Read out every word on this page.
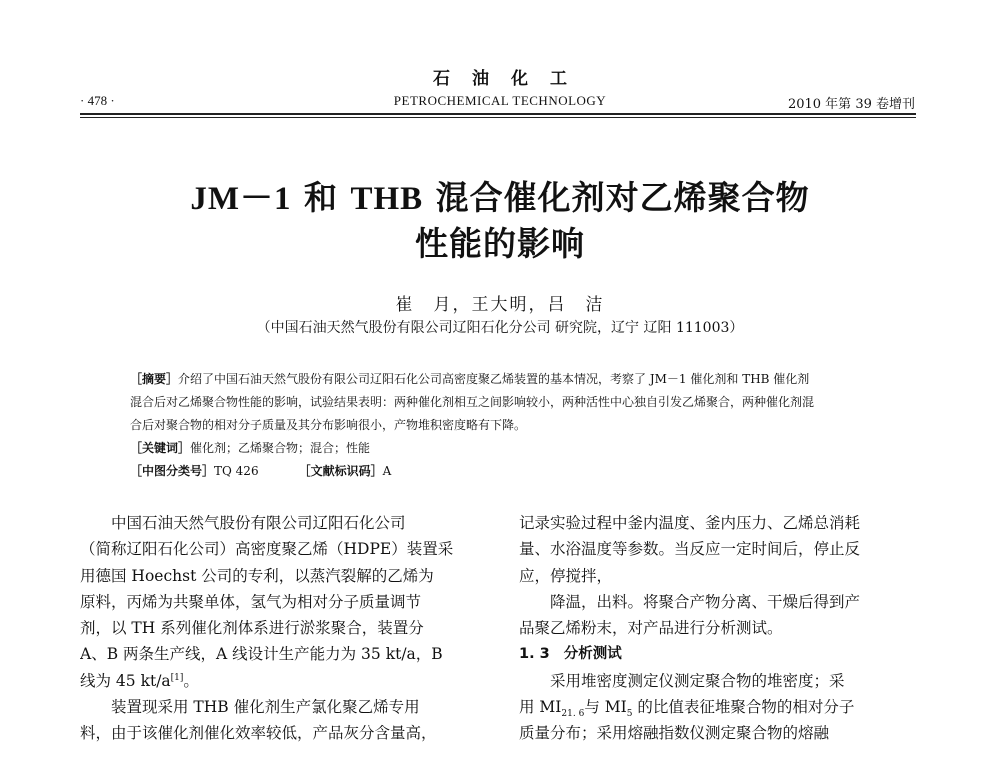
石油化工
· 478 ·	PETROCHEMICAL TECHNOLOGY	2010 年第 39 卷增刊
JM－1 和 THB 混合催化剂对乙烯聚合物
性能的影响
崔　月，王大明，吕　洁
（中国石油天然气股份有限公司辽阳石化分公司 研究院，辽宁 辽阳 111003）
［摘要］介绍了中国石油天然气股份有限公司辽阳石化公司高密度聚乙烯装置的基本情况，考察了 JM－1 催化剂和 THB 催化剂
混合后对乙烯聚合物性能的影响，试验结果表明：两种催化剂相互之间影响较小，两种活性中心独自引发乙烯聚合，两种催化剂混
合后对聚合物的相对分子质量及其分布影响很小，产物堆积密度略有下降。
［关键词］催化剂；乙烯聚合物；混合；性能
［中图分类号］TQ 426	［文献标识码］A
中国石油天然气股份有限公司辽阳石化公司
（简称辽阳石化公司）高密度聚乙烯（HDPE）装置采
用德国 Hoechst 公司的专利，以蒸汽裂解的乙烯为
原料，丙烯为共聚单体，氢气为相对分子质量调节
剂，以 TH 系列催化剂体系进行淤浆聚合，装置分
A、B 两条生产线，A 线设计生产能力为 35 kt/a，B
线为 45 kt/a[1]。
装置现采用 THB 催化剂生产氯化聚乙烯专用
料，由于该催化剂催化效率较低，产品灰分含量高，
记录实验过程中釜内温度、釜内压力、乙烯总消耗
量、水浴温度等参数。当反应一定时间后，停止反
应，停搅拌，
降温，出料。将聚合产物分离、干燥后得到产
品聚乙烯粉末，对产品进行分析测试。
1. 3 分析测试
采用堆密度测定仪测定聚合物的堆密度；采
用 $MI_{21. 6}$与 $MI_5$ 的比值表征堆聚合物的相对分子
质量分布；采用熔融指数仪测定聚合物的熔融
